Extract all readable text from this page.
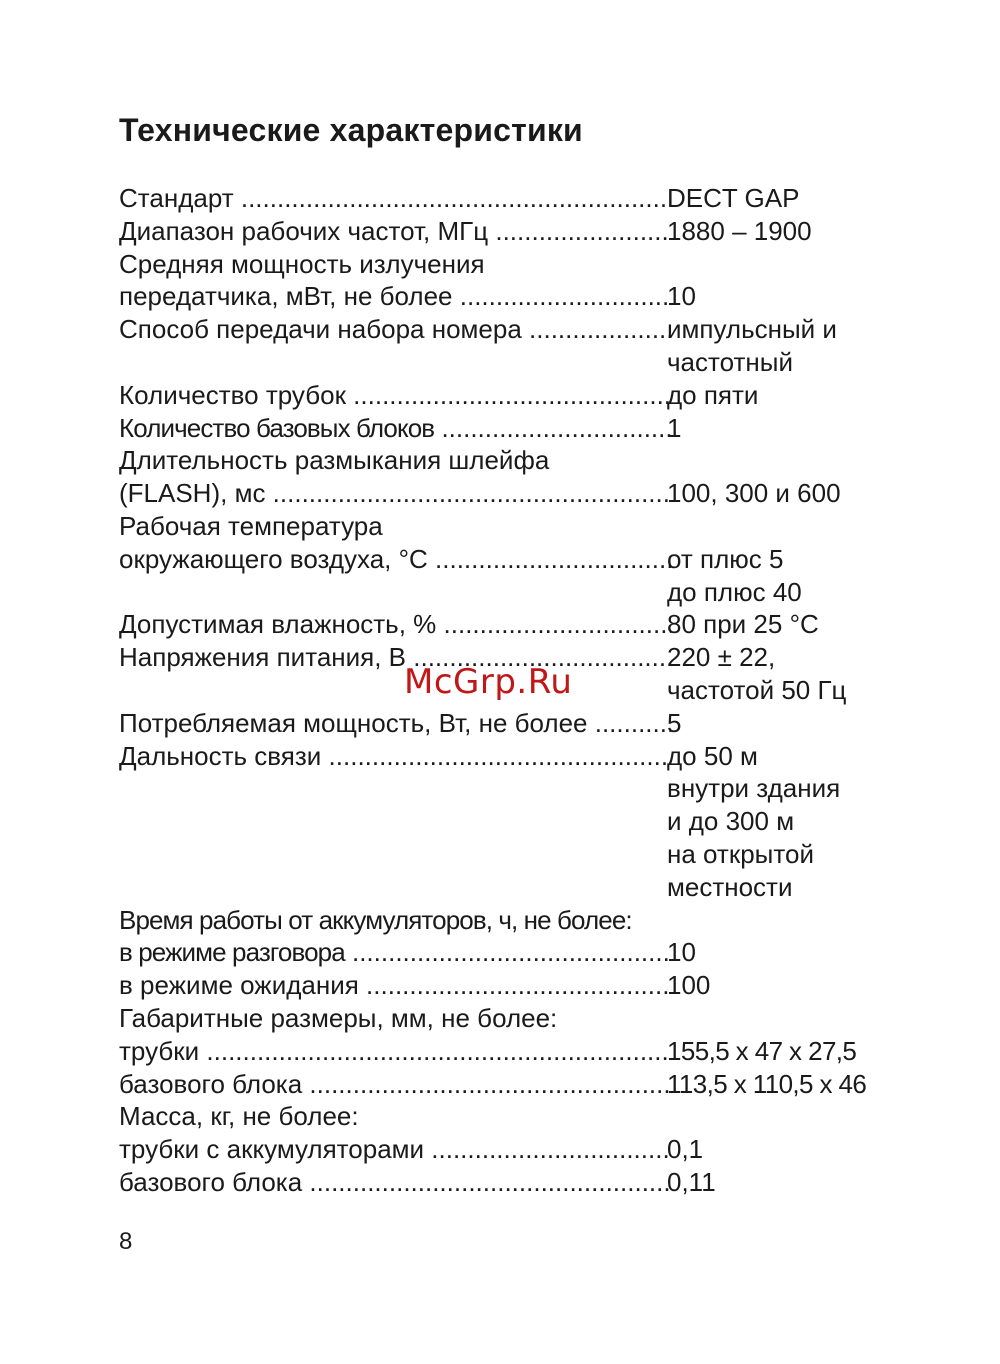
Технические характеристики
Стандарт .....	DECT GAP
Диапазон рабочих частот, МГц .....	1880 – 1900
Средняя мощность излучения
передатчика, мВт, не более .....	10
Способ передачи набора номера .....	импульсный и
частотный
Количество трубок .....	до пяти
Количество базовых блоков .....	1
Длительность размыкания шлейфа
(FLASH), мс .....	100, 300 и 600
Рабочая температура
окружающего воздуха, °С .....	от плюс 5
до плюс 40
Допустимая влажность, % .....	80 при 25 °С
Напряжения питания, В .....	220 ± 22,
частотой 50 Гц
Потребляемая мощность, Вт, не более .....	5
Дальность связи .....	до 50 м
внутри здания
и до 300 м
на открытой
местности
Время работы от аккумуляторов, ч, не более:
в режиме разговора .....	10
в режиме ожидания .....	100
Габаритные размеры, мм, не более:
трубки .....	155,5 x 47 x 27,5
базового блока .....	113,5 x 110,5 x 46
Масса, кг, не более:
трубки с аккумуляторами .....	0,1
базового блока .....	0,11
McGrp.Ru
8
